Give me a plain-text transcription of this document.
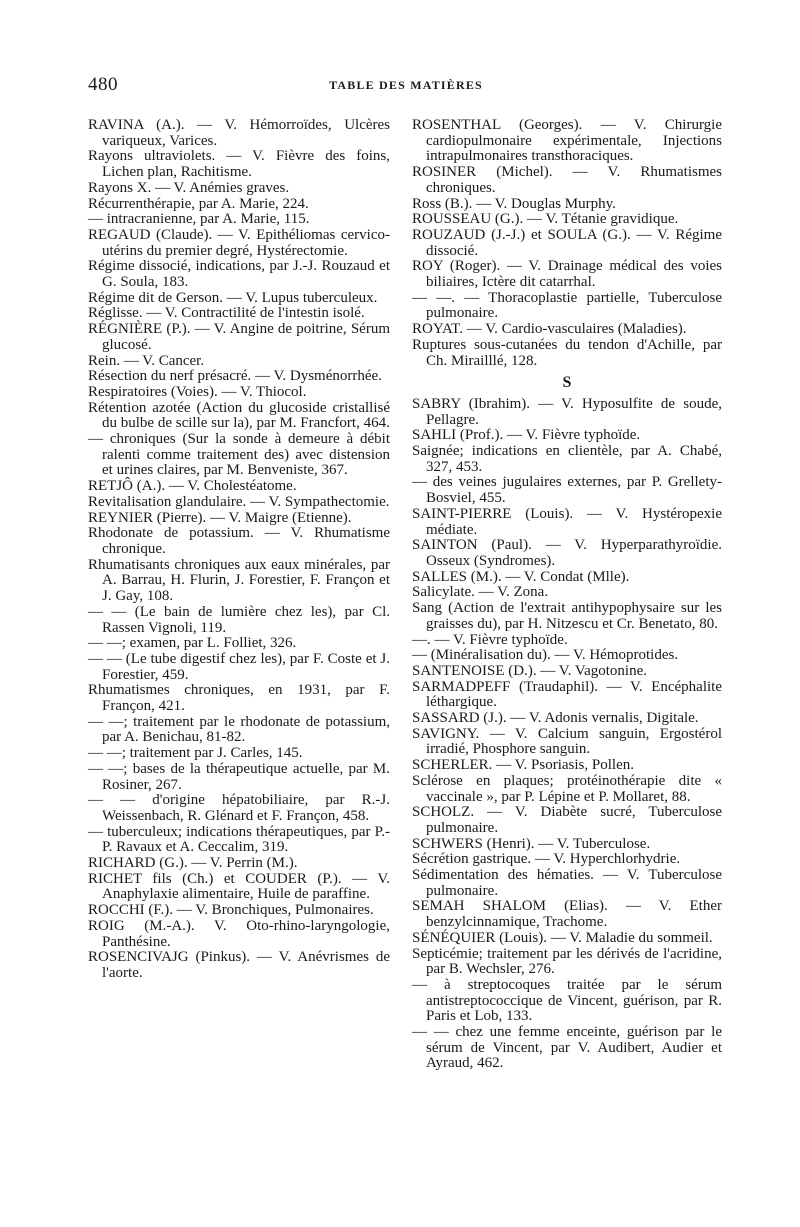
480	TABLE DES MATIÈRES

RAVINA (A.). — V. Hémorroïdes, Ulcères variqueux, Varices.

Rayons ultraviolets. — V. Fièvre des foins, Lichen plan, Rachitisme.

Rayons X. — V. Anémies graves.

Récurrenthérapie, par A. Marie, 224.

— intracranienne, par A. Marie, 115.

REGAUD (Claude). — V. Epithéliomas cervico-utérins du premier degré, Hystérectomie.

Régime dissocié, indications, par J.-J. Rouzaud et G. Soula, 183.

Régime dit de Gerson. — V. Lupus tuberculeux.

Réglisse. — V. Contractilité de l'intestin isolé.

RÉGNIÈRE (P.). — V. Angine de poitrine, Sérum glucosé.

Rein. — V. Cancer.

Résection du nerf présacré. — V. Dysménorrhée.

Respiratoires (Voies). — V. Thiocol.

Rétention azotée (Action du glucoside cristallisé du bulbe de scille sur la), par M. Francfort, 464.

— chroniques (Sur la sonde à demeure à débit ralenti comme traitement des) avec distension et urines claires, par M. Benveniste, 367.

RETJÔ (A.). — V. Cholestéatome.

Revitalisation glandulaire. — V. Sympathectomie.

REYNIER (Pierre). — V. Maigre (Etienne).

Rhodonate de potassium. — V. Rhumatisme chronique.

Rhumatisants chroniques aux eaux minérales, par A. Barrau, H. Flurin, J. Forestier, F. Françon et J. Gay, 108.

— — (Le bain de lumière chez les), par Cl. Rassen Vignoli, 119.

— —; examen, par L. Folliet, 326.

— — (Le tube digestif chez les), par F. Coste et J. Forestier, 459.

Rhumatismes chroniques, en 1931, par F. Françon, 421.

— —; traitement par le rhodonate de potassium, par A. Benichau, 81-82.

— —; traitement par J. Carles, 145.

— —; bases de la thérapeutique actuelle, par M. Rosiner, 267.

— — d'origine hépatobiliaire, par R.-J. Weissenbach, R. Glénard et F. Françon, 458.

— tuberculeux; indications thérapeutiques, par P.-P. Ravaux et A. Ceccalim, 319.

RICHARD (G.). — V. Perrin (M.).

RICHET fils (Ch.) et COUDER (P.). — V. Anaphylaxie alimentaire, Huile de paraffine.

ROCCHI (F.). — V. Bronchiques, Pulmonaires.

ROIG (M.-A.). V. Oto-rhino-laryngologie, Panthésine.

ROSENCIVAJG (Pinkus). — V. Anévrismes de l'aorte.

ROSENTHAL (Georges). — V. Chirurgie cardiopulmonaire expérimentale, Injections intrapulmonaires transthoraciques.

ROSINER (Michel). — V. Rhumatismes chroniques.

Ross (B.). — V. Douglas Murphy.

ROUSSEAU (G.). — V. Tétanie gravidique.

ROUZAUD (J.-J.) et SOULA (G.). — V. Régime dissocié.

ROY (Roger). — V. Drainage médical des voies biliaires, Ictère dit catarrhal.

— —. — Thoracoplastie partielle, Tuberculose pulmonaire.

ROYAT. — V. Cardio-vasculaires (Maladies).

Ruptures sous-cutanées du tendon d'Achille, par Ch. Mirailllé, 128.

S

SABRY (Ibrahim). — V. Hyposulfite de soude, Pellagre.

SAHLI (Prof.). — V. Fièvre typhoïde.

Saignée; indications en clientèle, par A. Chabé, 327, 453.

— des veines jugulaires externes, par P. Grellety-Bosviel, 455.

SAINT-PIERRE (Louis). — V. Hystéropexie médiate.

SAINTON (Paul). — V. Hyperparathyroïdie. Osseux (Syndromes).

SALLES (M.). — V. Condat (Mlle).

Salicylate. — V. Zona.

Sang (Action de l'extrait antihypophysaire sur les graisses du), par H. Nitzescu et Cr. Benetato, 80.

—. — V. Fièvre typhoïde.

— (Minéralisation du). — V. Hémoprotides.

SANTENOISE (D.). — V. Vagotonine.

SARMADPEFF (Traudaphil). — V. Encéphalite léthargique.

SASSARD (J.). — V. Adonis vernalis, Digitale.

SAVIGNY. — V. Calcium sanguin, Ergostérol irradié, Phosphore sanguin.

SCHERLER. — V. Psoriasis, Pollen.

Sclérose en plaques; protéinothérapie dite « vaccinale », par P. Lépine et P. Mollaret, 88.

SCHOLZ. — V. Diabète sucré, Tuberculose pulmonaire.

SCHWERS (Henri). — V. Tuberculose.

Sécrétion gastrique. — V. Hyperchlorhydrie.

Sédimentation des hématies. — V. Tuberculose pulmonaire.

SEMAH SHALOM (Elias). — V. Ether benzylcinnamique, Trachome.

SÉNÉQUIER (Louis). — V. Maladie du sommeil.

Septicémie; traitement par les dérivés de l'acridine, par B. Wechsler, 276.

— à streptocoques traitée par le sérum antistreptococcique de Vincent, guérison, par R. Paris et Lob, 133.

— — chez une femme enceinte, guérison par le sérum de Vincent, par V. Audibert, Audier et Ayraud, 462.
